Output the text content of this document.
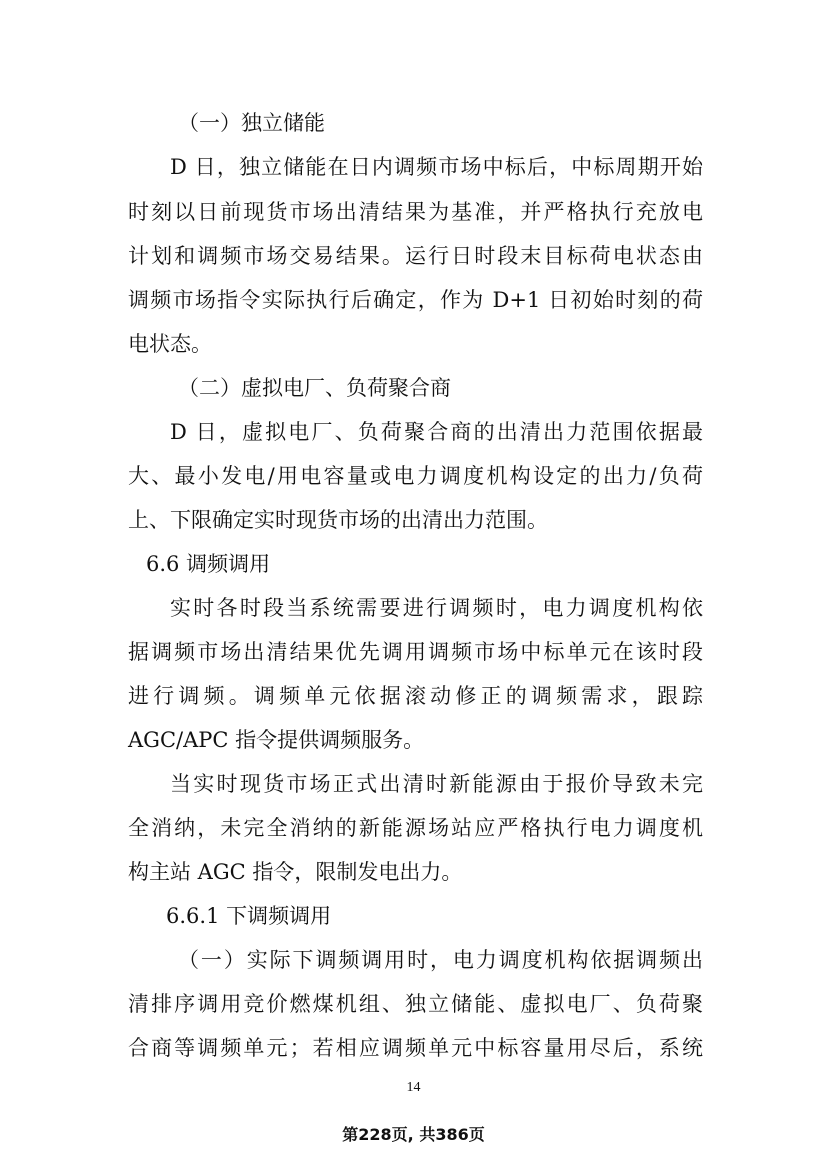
（一）独立储能
D 日，独立储能在日内调频市场中标后，中标周期开始
时刻以日前现货市场出清结果为基准，并严格执行充放电
计划和调频市场交易结果。运行日时段末目标荷电状态由
调频市场指令实际执行后确定，作为 D+1 日初始时刻的荷
电状态。
（二）虚拟电厂、负荷聚合商
D 日，虚拟电厂、负荷聚合商的出清出力范围依据最
大、最小发电/用电容量或电力调度机构设定的出力/负荷
上、下限确定实时现货市场的出清出力范围。
6.6 调频调用
实时各时段当系统需要进行调频时，电力调度机构依
据调频市场出清结果优先调用调频市场中标单元在该时段
进行调频。调频单元依据滚动修正的调频需求，跟踪
AGC/APC 指令提供调频服务。
当实时现货市场正式出清时新能源由于报价导致未完
全消纳，未完全消纳的新能源场站应严格执行电力调度机
构主站 AGC 指令，限制发电出力。
6.6.1 下调频调用
（一）实际下调频调用时，电力调度机构依据调频出
清排序调用竞价燃煤机组、独立储能、虚拟电厂、负荷聚
合商等调频单元；若相应调频单元中标容量用尽后，系统
14
第228页, 共386页
